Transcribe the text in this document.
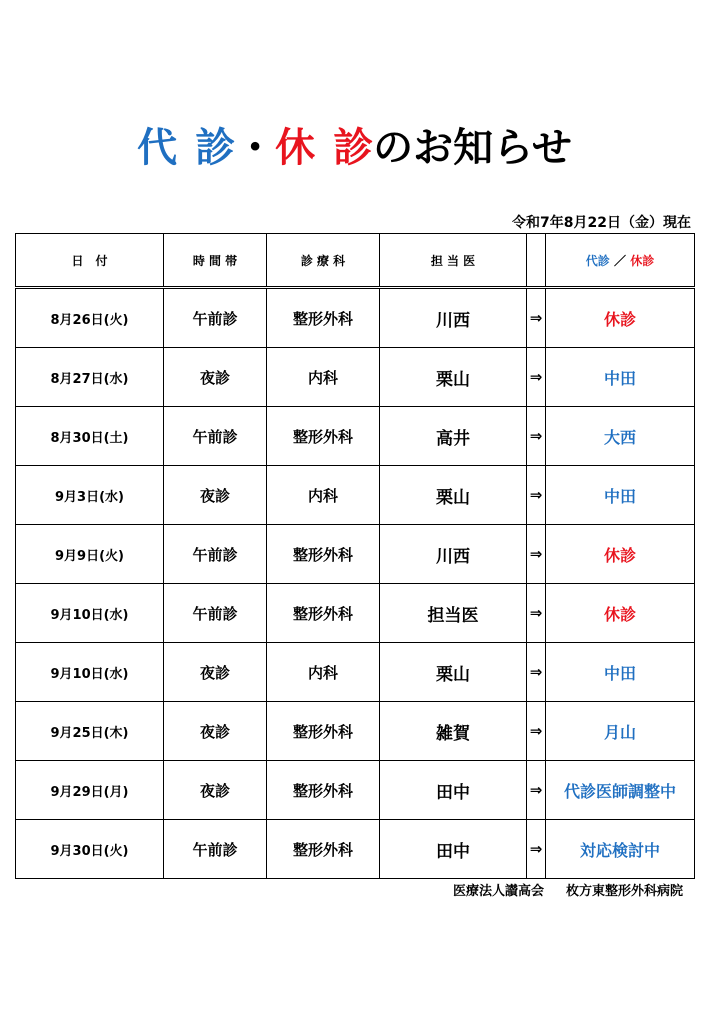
代 診・休 診のお知らせ
令和7年8月22日（金）現在
日　付	時 間 帯	診 療 科	担 当 医		代診 ／ 休診
8月26日(火)	午前診	整形外科	川西	⇒	休診
8月27日(水)	夜診	内科	栗山	⇒	中田
8月30日(土)	午前診	整形外科	高井	⇒	大西
9月3日(水)	夜診	内科	栗山	⇒	中田
9月9日(火)	午前診	整形外科	川西	⇒	休診
9月10日(水)	午前診	整形外科	担当医	⇒	休診
9月10日(水)	夜診	内科	栗山	⇒	中田
9月25日(木)	夜診	整形外科	雑賀	⇒	月山
9月29日(月)	夜診	整形外科	田中	⇒	代診医師調整中
9月30日(火)	午前診	整形外科	田中	⇒	対応検討中
医療法人讃高会 枚方東整形外科病院
